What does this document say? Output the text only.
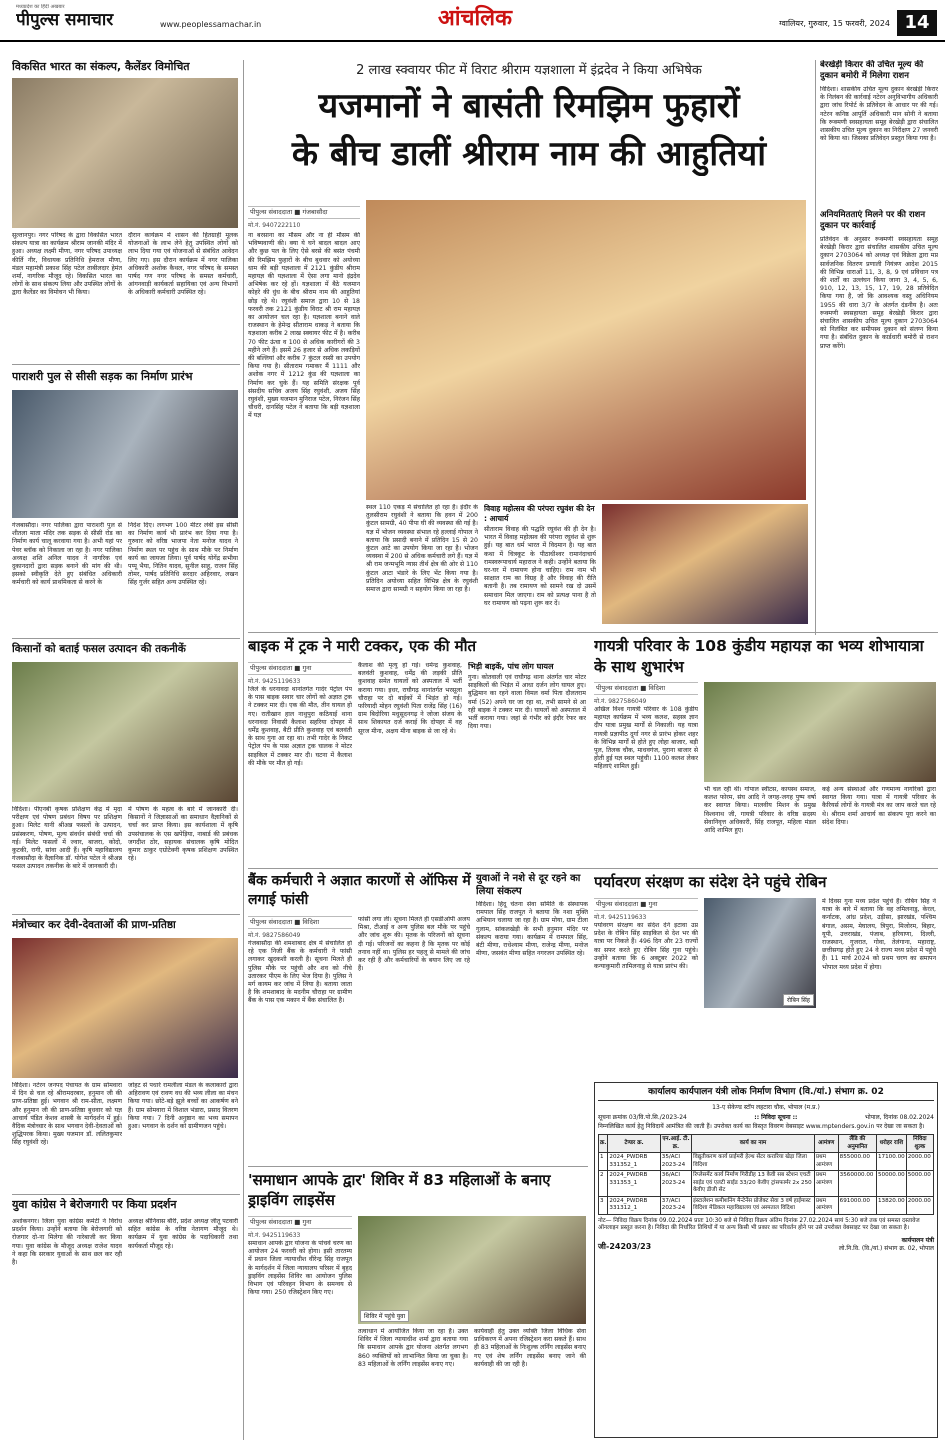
मध्यप्रदेश का हिंदी अखबार
पीपुल्स समाचार	www.peoplessamachar.in	आंचलिक	ग्वालियर, गुरुवार, 15 फरवरी, 2024 14
विकसित भारत का संकल्प, कैलेंडर विमोचित
सुल्तानपुर। नगर परिषद के द्वारा विकसित भारत संकल्प यात्रा का कार्यक्रम श्रीराम जानकी मंदिर में हुआ। अध्यक्ष लक्ष्मी मीणा, नगर परिषद उपाध्यक्ष कीर्ति नीर, विधायक प्रतिनिधि हेमराज मीणा, मंडल महामंत्री प्रकाश सिंह पटेल ताबीलदार हेमंत शर्मा, नागरिक मौजूद रहे। विकसित भारत का लोगों के साथ संकल्प लिया और उपस्थित लोगों के द्वारा कैलेंडर का विमोचन भी किया।
दौरान कार्यक्रम में शासन की हितग्राही मूलक योजनाओं के लाभ लेने हेतु उपस्थित लोगों को लाभ दिया गया एवं योजनाओं से संबंधित आवेदन लिए गए। इस दौरान कार्यक्रम में नगर पालिका अधिकारी अशोक कैथल, नगर परिषद के समस्त पार्षद गण नगर परिषद के समस्त कर्मचारी, आंगनवाड़ी कार्यकर्ता सहायिका एवं अन्य विभागों के अधिकारी कर्मचारी उपस्थित रहे।
पाराशरी पुल से सीसी सड़क का निर्माण प्रारंभ
गंजबासौदा। नगर पालिका द्वारा पाराशरी पुल से शीतला माता मंदिर तक सड़क से सीसी रोड का निर्माण कार्य चालू करवाया गया है। अभी यहां पर पेवर ब्लॉक को निकाला जा रहा है। नगर पालिका अध्यक्ष शशि अनिल यादव ने नागरिक एवं दुकानदारों द्वारा सड़क बनाने की मांग की थी। इसको स्वीकृति देते हुए संबंधित अधिकारी कर्मचारी को कार्य प्राथमिकता से करने के
निर्देश दिए। लगभग 100 मीटर लंबी इस सीसी का निर्माण कार्य भी प्रारंभ कर दिया गया है। गुरुवार को वरिष्ठ भाजपा नेता मनोज यादव ने निर्माण स्थल पर पहुंच के साथ मौके पर निर्माण कार्य का जायजा लिया। पूर्व पार्षद योगेंद्र सभीया पप्पू भैया, नितिन यादव, सुनील साहू, राजन सिंह तोमर, पार्षद प्रतिनिधि सरदार अहिरवार, लखन सिंह गुर्जर सहित अन्य उपस्थित रहे।
किसानों को बताई फसल उत्पादन की तकनीकें
विदिशा। पीएनबी कृषक प्रशिक्षण केंद्र में मृदा परीक्षण एवं पोषण प्रबंधन विषय पर प्रशिक्षण हुआ। मिलेट यानी श्रीअन्न फसलों के उत्पादन, प्रसंस्करण, पोषण, मूल्य संवर्धन संबंधी चर्चा की गई। मिलेट फसलों में ज्वार, बाजरा, कोदो, कुटकी, रागी, सांवा आदी हैं। कृषि महाविद्यालय गंजबासौदा के वैज्ञानिक डॉ. योगेश पटेल ने श्रीअन्न फसल उत्पादन तकनीक के बारे में जानकारी दी।
में पोषण के महत्व के बारे में जानकारी दी। किसानों ने जिज्ञासाओं का समाधान वैज्ञानिकों से चर्चा कर प्राप्त किया। इस कार्यशाला में कृषि उपसंचालक के एस खपेड़िया, नाबार्ड की प्रबंधक जगदीश ठोर, सहायक संचालक कृषि मोदित कुमार ठाकुर एग्रोटेक्नी कृषक प्रशिक्षण उपस्थित रहे।
मंत्रोच्चार कर देवी-देवताओं की प्राण-प्रतिष्ठा
विदिशा। नटेरन जनपद पंचायत के ग्राम सोमवारा में दिन से चल रहे श्रीरामदरबार, हनुमान जी की प्राण-प्रतिष्ठा हुई। भगवान श्री राम-सीता, लक्ष्मण और हनुमान जी की प्राण-प्रतिष्ठा बुधवार को यज्ञ आचार्य पंडित केशव शास्त्री के मार्गदर्शन में हुई। वैदिक मंत्रोच्चार के साथ भगवान देवी-देवताओं को शुद्धिपरक किया। मुख्य यजमान डॉ. ललितकुमार सिंह रघुवंशी रहे।
जोहट से पधारे रामलीला मंडल के कलाकारों द्वारा अहिरावण एवं रावण वध की भव्य लीला का मंचन किया गया। छोटे-बड़े झूले बच्चों का आकर्षण बने हैं। ग्राम सोमवारा में विशाल भंडारा, प्रसाद वितरण किया गया। 7 दिनी अनुष्ठान का भव्य समापन हुआ। भगवान के दर्शन को ग्रामीणजन पहुंचे।
युवा कांग्रेस ने बेरोजगारी पर किया प्रदर्शन
अशोकनगर। जिला युवा कांग्रेस कमेटी ने विरोध प्रदर्शन किया। उन्होंने बताया कि बेरोजगारी को रोजगार दो-ना मिलेगा की नारेबाजी कर किया गया। युवा कांग्रेस के मौजूद अध्यक्ष राजेश यादव ने कहा कि सरकार युवाओं के साथ छल कर रही है।
अध्यक्ष श्रीनिवास बौरी, प्रदेश अध्यक्ष जीतू पटवारी सहित कांग्रेस के वरिष्ठ नेतागण मौजूद थे। कार्यक्रम में युवा कांग्रेस के पदाधिकारी तथा कार्यकर्ता मौजूद रहे।
2 लाख स्क्वायर फीट में विराट श्रीराम यज्ञशाला में इंद्रदेव ने किया अभिषेक
यजमानों ने बासंती रिमझिम फुहारों
के बीच डालीं श्रीराम नाम की आहुतियां
पीपुल्स संवाददाता ■ गंजबासौदा
मो.नं. 9407222110
ना बरसाना का मौसम और ना ही मौसम की भविष्यवाणी की। क्या ये घने बादल बादल आए और कुछ पल के लिए ऐसे बरसे की बसंत पंचमी की रिमझिम फुहारों के बीच बुधवार को अयोध्या धाम की बड़ी यज्ञशाला में 2121 कुंडीय श्रीराम महायज्ञ की यज्ञशाला में ऐसा लगा मानो इंद्रदेव अभिषेक कर रहे हों। यज्ञशाला में बैठे यजमान कोहरे की धुंध के बीच श्रीराम नाम की आहुतियां छोड़ रहे थे। रघुवंशी समाज द्वारा 10 से 18 फरवरी तक 2121 कुंडीय विराट श्री राम महायज्ञ का आयोजन चल रहा है। यज्ञशाला बनाने वाले राजस्थान के हेमेन्द्र सीताराम धाकड़ ने बताया कि यज्ञशाला करीब 2 लाख स्क्वायर फीट में है। करीब 70 फीट ऊंचा व 100 से अधिक कारीगरों की 3 महीने लगे हैं। इसमें 26 हजार से अधिक लकड़ियों की बल्लियां और करीब 7 कुंटल रस्सी का उपयोग किया गया है। सीताराम गमाकर मैं 1111 और अशोक नगर में 1212 कुंड की यज्ञशाला का निर्माण कर चुके हैं। यह समिति संरक्षक पूर्व संसदीय सचिव अजय सिंह रघुवंशी, अजय सिंह रघुवंशी, मुख्य यजमान मुनिराज पटेल, निरंजन सिंह चौधरी, दानसिंह पटेल ने बताया कि बड़ी यज्ञशाला में यज्ञ
स्थल 110 एकड़ में संचालित हो रहा है। इंदौर के तुलसीराम रघुवंशी ने बताया कि हवन में 200 कुंटल सामग्री, 40 पीपा घी की व्यवस्था की गई है। यज्ञ में भोजन व्यवस्था संभाल रहे हल्लाई गोपाल ने बताया कि प्रसादी बनाने में प्रतिदिन 15 से 20 कुंटल आटे का उपयोग किया जा रहा है। भोजन व्यवस्था में 200 से अधिक कर्मचारी लगे हैं। यज्ञ में श्री राम जन्मभूमि न्यास तीर्थ क्षेत्र की ओर से 110 कुंटल आटा भंडारे के लिए भेंट किया गया है। प्रतिदिन अयोध्या सहित विभिन्न क्षेत्र के रघुवंशी समाज द्वारा सामग्री न सहयोग किया जा रहा है।
विवाह महोत्सव की परंपरा रघुवंश की देन : आचार्य
सीताराम विवाह की पद्धति रघुवंश की ही देन है। भारत में विवाह महोत्सव की परंपरा रघुवंश से शुरू हुई। यह बात धर्म भारत में विदमान है। यह बात कथा में चित्रकूट के पीठाधीश्वर रामानंदाचार्य रामस्वरूपाचार्य महाराज ने कही। उन्होंने बताया कि घर-घर में रामायण होना चाहिए। राम नाम भी साक्षात राम का विग्रह है और विवाह की रीति बतानी है। तब रामायण को सामने रख दो उसमें समाधान मिल जाएगा। राम को प्रत्यक्ष पाना है तो घर रामायण को पढ़ना शुरू कर दें।
बेरखेड़ी किरार की उचित मूल्य की दुकान बमोरी में मिलेगा राशन
विदिशा। शासकीय उचित मूल्य दुकान बेरखेड़ी किरार के निलंबन की कार्रवाई नटेरन अनुविभागीय अधिकारी द्वारा जांच रिपोर्ट के प्रतिवेदन के आधार पर की गई। नटेरन कनिष्ठ आपूर्ति अधिकारी मान सोनी ने बताया कि रूक्मणी स्वसहायता समूह बेरखेड़ी द्वारा संचालित शासकीय उचित मूल्य दुकान का निरीक्षण 27 जनवरी को किया था। जिसका प्रतिवेदन प्रस्तुत किया गया है।
अनियमितताएं मिलने पर की राशन दुकान पर कार्रवाई
प्रतिवेदन के अनुसार रूक्मणी स्वसहायता समूह बेरखेड़ी किरार द्वारा संचालित शासकीय उचित मूल्य दुकान 2703064 को अध्यक्ष एवं विक्रेता द्वारा मप्र सार्वजनिक वितरण प्रणाली नियंत्रण आदेश 2015 की विभिन्न धाराओं 11, 3, 8, 9 एवं प्रविधान पत्र की शर्तों का उल्लंघन किया जाना 3, 4, 5, 6, 910, 12, 13, 15, 17, 19, 28 प्रतिवेदित किया गया है, जो कि आवश्यक वस्तु अधिनियम 1955 की धारा 3/7 के अंतर्गत दंडनीय है। अतः रूक्मणी स्वसहायता समूह बेरखेड़ी किरार द्वारा संचालित शासकीय उचित मूल्य दुकान 2703064 को निलंबित कर समीपस्थ दुकान को संलग्न किया गया है। संबंधित दुकान के कार्डधारी बमोरी से राशन प्राप्त करेंगे।
बाइक में ट्रक ने मारी टक्कर, एक की मौत
पीपुल्स संवाददाता ■ गुना
मो.नं. 9425119633
जिले के धरनावदा थानांतर्गत गादेर पेट्रोल पंप के पास बाइक सवार चार लोगों को अज्ञात ट्रक ने टक्कर मार दी। एक की मौत, तीन घायल हो गए। रातीखान हाल नाथुपुरा कठियाई थाना धरनावदा निवासी कैलाश सहरिया दोपहर में धर्मेंद्र कुशवाह, बैटी प्रीति कुशवाह एवं बलवंती के साथ गुना आ रहा था। तभी गादेर के निकट पेट्रोल पंप के पास अज्ञात ट्रक चालक ने मोटर साइकिल में टक्कर मार दी। घटना में कैलाश की मौके पर मौत हो गई।
कैलाश की मृत्यु हो गई। धर्मेन्द्र कुशवाह, बलवंती कुशवाह, धर्मेंद्र की लड़की प्रीति कुशवाह समेत घायलों को अस्पताल में भर्ती कराया गया। इधर, राघौगढ़ थानांतर्गत भरसूला चौराहा पर दो बाईकों में भिड़ंत हो गई। फरियादी मोहन रघुवंशी पिता राजेंद्र सिंह (16) ग्राम बिदोरिया मधुसूदनगढ़ ने जोजा संजय के साथ शिकायत दर्ज कराई कि दोपहर में वह सूरज मीना, अक्षय मीना बाइक से जा रहे थे।
भिड़ी बाइकें, पांच लोग घायल
गुना। कोतवाली एवं राघौगढ़ थाना अंतर्गत चार मोटर साइकिलों की भिड़ंत में आधा दर्जन लोग घायल हुए। बुद्धिमान का रहने वाला विमल वर्मा पिता दौलतराम वर्मा (52) अपने घर जा रहा था, तभी सामने से आ रही बाइक ने टक्कर मार दी। घायलों को अस्पताल में भर्ती कराया गया। जहां से गंभीर को इंदौर रेफर कर दिया गया।
गायत्री परिवार के 108 कुंडीय महायज्ञ का भव्य शोभायात्रा के साथ शुभारंभ
पीपुल्स संवाददाता ■ विदिशा
मो.नं. 9827586049
अखिल विश्व गायत्री परिवार के 108 कुंडीय महायज्ञ कार्यक्रम में भव्य कलश, सहस्त्र ज्ञान दीप यात्रा प्रमुख मार्गों से निकाली। यह यात्रा गायत्री प्रज्ञापीठ दुर्गा नगर से प्रारंभ होकर शहर के विभिन्न मार्गों से होते हुए लोहा बाजार, बड़ी पुल, तिलक चौक, माधवगंज, पुराना बाजार से होती हुई यज्ञ स्थल पहुंची। 1100 कलश लेकर महिलाएं शामिल हुईं।
भी चल रहीं थीं। गोपाल स्वीटस, कायस्थ समाज, कलश फोरम, संघ आदि ने जगह-जगह पुष्प वर्षा कर स्वागत किया। मालवीय मिशन के प्रमुख विश्वनाथ जी, गायत्री परिवार के वरिष्ठ सदस्य सेवानिवृत्त अधिकारी, सिंह राजपूत, महिला मंडल आदि शामिल हुए।
कई अन्य संस्थाओं और गणमान्य नागरिकों द्वारा स्वागत किया गया। यात्रा में गायत्री परिवार के कैरियर्स लोगों के गायत्री मंत्र का जाप करते चल रहे थे। श्रीराम शर्मा आचार्य का संकल्प पूरा करने का संदेश दिया।
बैंक कर्मचारी ने अज्ञात कारणों से ऑफिस में लगाई फांसी
पीपुल्स संवाददाता ■ विदिशा
मो.नं. 9827586049
गंजबासौदा की शमशाबाद क्षेत्र में संचालित हो रहे एक निजी बैंक के कर्मचारी ने फांसी लगाकर खुदकशी करली है। सूचना मिलते ही पुलिस मौके पर पहुंची और शव को नीचे उतारकर पीएम के लिए भेज दिया है। पुलिस ने मर्ग कायम कर जांच में लिया है। बताया जाता है कि शमशाबाद के मदनीम चौराहा पर ग्रामीण बैंक के पास एक मकान में बैंक संचालित है।
फांसी लगा ली। सूचना मिलते ही एसडीओपी अजय मिश्रा, टीआई व अन्य पुलिस बल मौके पर पहुंचे और जांच शुरू की। मृतक के परिजनों को सूचना दी गई। परिजनों का कहना है कि मृतक पर कोई तनाव नहीं था। पुलिस हर पहलू से मामले की जांच कर रही है और कर्मचारियों के बयान लिए जा रहे हैं।
युवाओं ने नशे से दूर रहने का लिया संकल्प
विदिशा। हिंदू चेतना सेवा समिति के संस्थापक रामपाल सिंह राजपूत ने बताया कि नशा मुक्ति अभियान चलाया जा रहा है। ग्राम मोया, ग्राम टीला गुलाम, सांकलखेड़ी के सभी हनुमान मंदिर पर संकल्प कराया गया। कार्यक्रम में रामपाल सिंह, बंटी मीणा, राधेश्याम मीणा, राजेन्द्र मीणा, मनोज मीणा, जसवंत मीणा सहित नगरजन उपस्थित रहे।
पर्यावरण संरक्षण का संदेश देने पहुंचे रोबिन
पीपुल्स संवाददाता ■ गुना
मो.नं. 9425119633
पर्यावरण संरक्षण का संदेश देने इटावा उप्र प्रदेश के रोबिन सिंह साइकिल से देश भर की यात्रा पर निकले हैं। 496 दिन और 23 राज्यों का सफर करते हुए रोबिन सिंह गुना पहुंचे। उन्होंने बताया कि 6 अक्टूबर 2022 को कन्याकुमारी तामिलनाडु से यात्रा प्रारंभ की।
रोबिन सिंह
में दिवस गुना मध्य प्रदेश पहुंचे हैं। रोबिन सिंह ने यात्रा के बारे में बताया कि वह तमिलनाडु, केरल, कर्नाटक, आंध्र प्रदेश, उड़ीसा, झारखंड, पश्चिम बंगाल, असम, मेघालय, त्रिपुरा, मिजोरम, बिहार, यूपी, उत्तराखंड, पंजाब, हरियाणा, दिल्ली, राजस्थान, गुजरात, गोवा, तेलंगाना, महाराष्ट्र, छत्तीसगढ़ होते हुए 24 वे राज्य मध्य प्रदेश में पहुंचे हैं। 11 मार्च 2024 को प्रथम चरण का समापन भोपाल मध्य प्रदेश में होगा।
कार्यालय कार्यपालन यंत्री लोक निर्माण विभाग (वि./यां.) संभाग क्र. 02
13-ए सेकेण्ड स्टॉप लहटारा चौक, भोपाल (म.प्र.)
सूचना क्रमांक 03/वि.पो.सि./2023-24	:: निविदा सूचना ::	भोपाल, दिनांक 08.02.2024
निम्नलिखित कार्य हेतु निविदायें आमंत्रित की जाती हैं। उपरोक्त कार्य का विस्तृत विवरण वेबसाइट www.mptenders.gov.in पर देखा जा सकता है।
क्र.	टेण्डर क्र.	एन.आई. टी. क्र.	कार्य का नाम	आमंत्रण	लैंडि की अनुमानित	धरोहर राशि	निविदा शुल्क
1	2024_PWDRB 331352_1	35/ACI 2023-24	विद्युतीकरण कार्य प्राईमरी हेल्थ सेंटर करारिया खेड़ा जिला विदिशा	प्रथम आमंत्रण	855000.00	17100.00	2000.00
2	2024_PWDRB 331353_1	36/ACI 2023-24	रिप्लेसमेंट कार्य निर्माण गिरीडीह 13 केवी सब स्टेशन एचटी साईड एवं एलटी साईड 33/20 केवीए ट्रांसफार्मर 2x 250 केवीए डीजी सेट	प्रथम आमंत्रण	3560000.00	50000.00	5000.00
3	2024_PWDRB 331312_1	37/ACI 2023-24	इंस्टालेशन कमीशनिंग मैन्टेनेंस प्रोजेक्ट सेवा 3 वर्ष हाईमास्ट विदिशा मेडिकल महाविद्यालय एवं अस्पताल विदिशा	प्रथम आमंत्रण	691000.00	13820.00	2000.00
नोट— निविदा विक्रय दिनांक 09.02.2024 प्रातः 10:30 बजे से निविदा विक्रय अंतिम दिनांक 27.02.2024 सायं 5:30 बजे तक एवं समस्त दस्तावेज ऑनलाइन प्रस्तुत करना है। निविदा की निर्धारित तिथियों में या अन्य किसी भी प्रकार का परिवर्तन होने पर उसे उपरोक्त वेबसाइट पर देखा जा सकता है।
जी-24203/23
कार्यपालन यंत्री
लो.नि.वि. (वि./यां.) संभाग क्र. 02, भोपाल
'समाधान आपके द्वार' शिविर में 83 महिलाओं के बनाए ड्राइविंग लाइसेंस
पीपुल्स संवाददाता ■ गुना
मो.नं. 9425119633
समाधान आपके द्वार योजना के पांचवें चरण का आयोजन 24 फरवरी को होगा। इसी तारतम्य में प्रधान जिला न्यायाधीश वीरेन्द्र सिंह राजपूत के मार्गदर्शन में जिला न्यायालय परिसर में बृहद ड्राइविंग लाइसेंस शिविर का आयोजन पुलिस विभाग एवं परिवहन विभाग के समन्वय से किया गया। 250 रजिस्ट्रेशन किए गए।
शिविर में पहुंचे युवा
तत्वाधान में आयोजित किया जा रहा है। उक्त शिविर में जिला न्यायाधीश शर्मा द्वारा बताया गया कि समाधान आपके द्वार योजना अंतर्गत लगभग 860 व्यक्तियों को लाभान्वित किया जा चुका है। 83 महिलाओं के लर्निंग लाइसेंस बनाए गए।
कार्यवाही हेतु उक्त व्यक्ति जिला विधिक सेवा प्राधिकरण में अपना रजिस्ट्रेशन करा सकते हैं। साथ ही 83 महिलाओं के निःशुल्क लर्निंग लाइसेंस बनाए गए एवं शेष लर्निंग लाइसेंस बनाए जाने की कार्यवाही की जा रही है।
